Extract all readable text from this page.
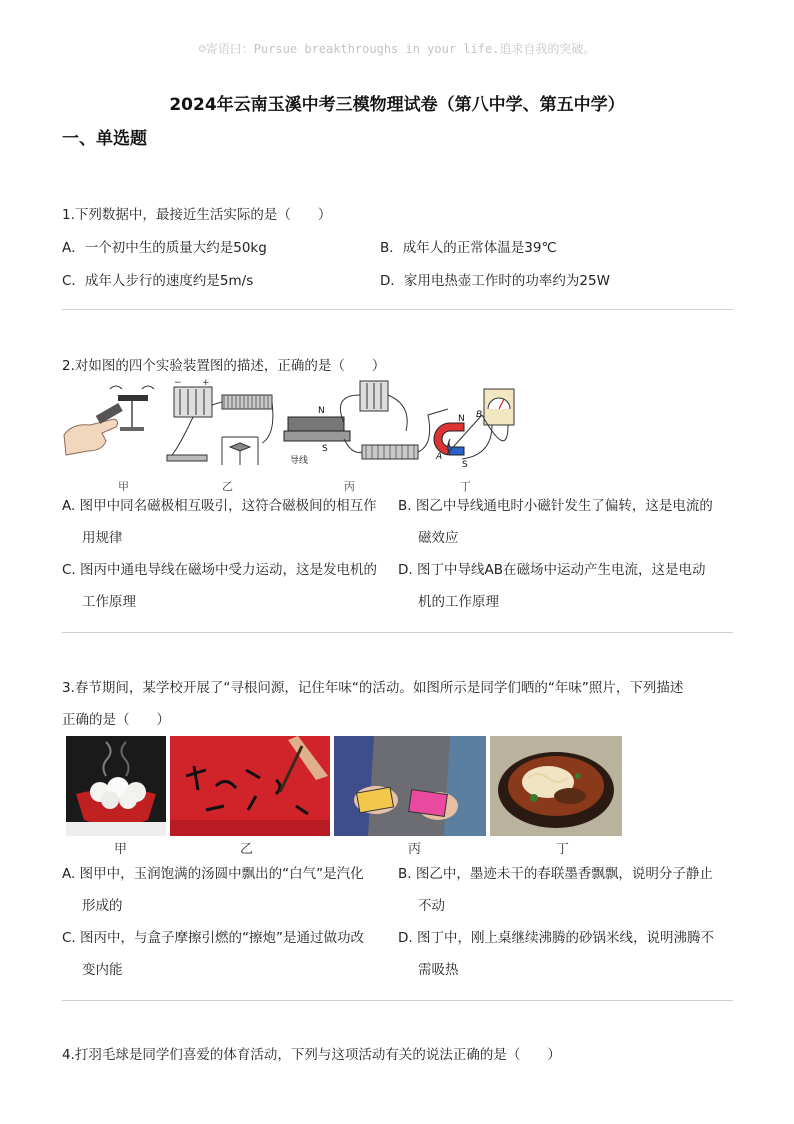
☺寄语曰：Pursue breakthroughs in your life.追求自我的突破。
2024年云南玉溪中考三模物理试卷（第八中学、第五中学）
一、单选题
1.下列数据中，最接近生活实际的是（　　）
A．一个初中生的质量大约是50kg	B．成年人的正常体温是39℃
C．成年人步行的速度约是5m/s	D．家用电热壶工作时的功率约为25W
2.对如图的四个实验装置图的描述，正确的是（　　）
− +
N
S
导线
N
S
B
A
甲	乙	丙	丁
A. 图甲中同名磁极相互吸引，这符合磁极间的相互作
用规律
B. 图乙中导线通电时小磁针发生了偏转，这是电流的
磁效应
C. 图丙中通电导线在磁场中受力运动，这是发电机的
工作原理
D. 图丁中导线AB在磁场中运动产生电流，这是电动
机的工作原理
3.春节期间，某学校开展了“寻根问源，记住年味“的活动。如图所示是同学们晒的“年味”照片，下列描述
正确的是（　　）
甲	乙	丙	丁
A. 图甲中，玉润饱满的汤圆中飘出的“白气”是汽化
形成的
B. 图乙中，墨迹未干的春联墨香飘飘，说明分子静止
不动
C. 图丙中，与盒子摩擦引燃的“擦炮”是通过做功改
变内能
D. 图丁中，刚上桌继续沸腾的砂锅米线，说明沸腾不
需吸热
4.打羽毛球是同学们喜爱的体育活动，下列与这项活动有关的说法正确的是（　　）
